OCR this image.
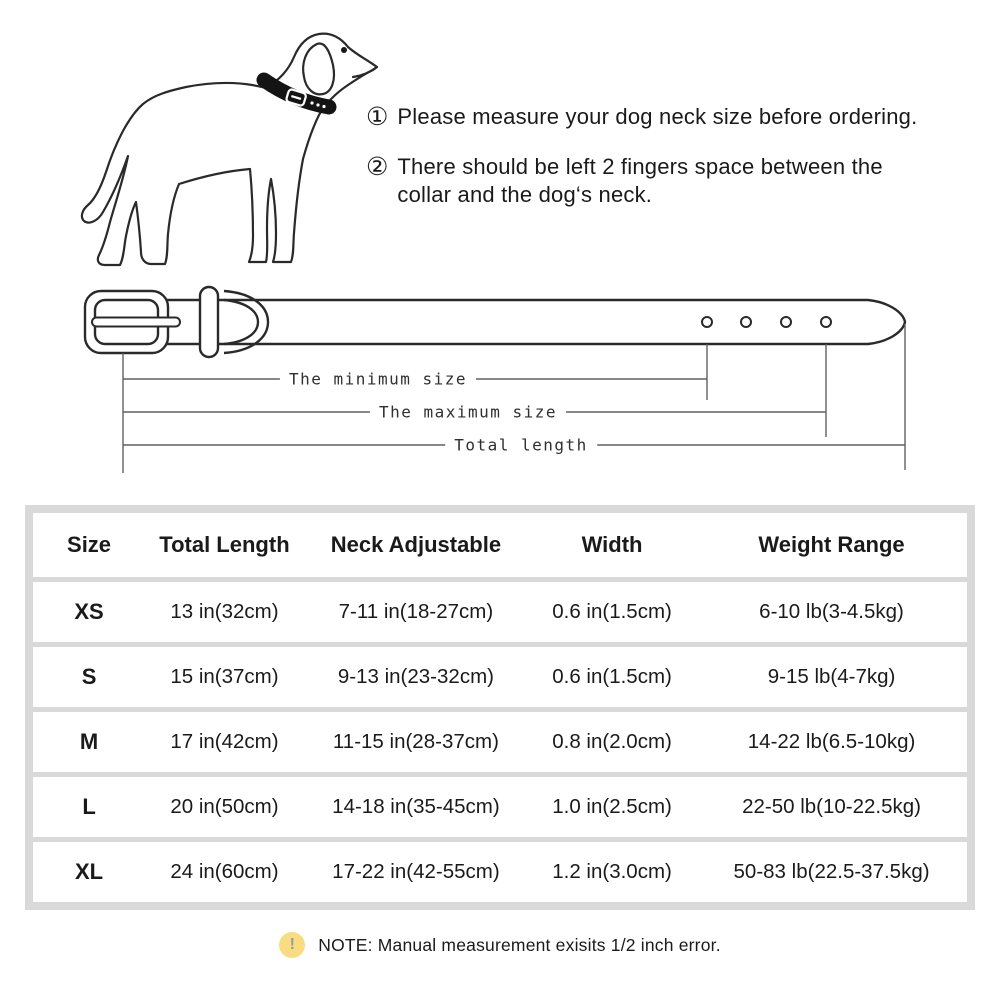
① Please measure your dog neck size before ordering.
② There should be left 2 fingers space between the
collar and the dog‘s neck.
The minimum size
The maximum size
Total length
Size	Total Length	Neck Adjustable	Width	Weight Range
XS	13 in(32cm)	7-11 in(18-27cm)	0.6 in(1.5cm)	6-10 lb(3-4.5kg)
S	15 in(37cm)	9-13 in(23-32cm)	0.6 in(1.5cm)	9-15 lb(4-7kg)
M	17 in(42cm)	11-15 in(28-37cm)	0.8 in(2.0cm)	14-22 lb(6.5-10kg)
L	20 in(50cm)	14-18 in(35-45cm)	1.0 in(2.5cm)	22-50 lb(10-22.5kg)
XL	24 in(60cm)	17-22 in(42-55cm)	1.2 in(3.0cm)	50-83 lb(22.5-37.5kg)
!	NOTE: Manual measurement exisits 1/2 inch error.
